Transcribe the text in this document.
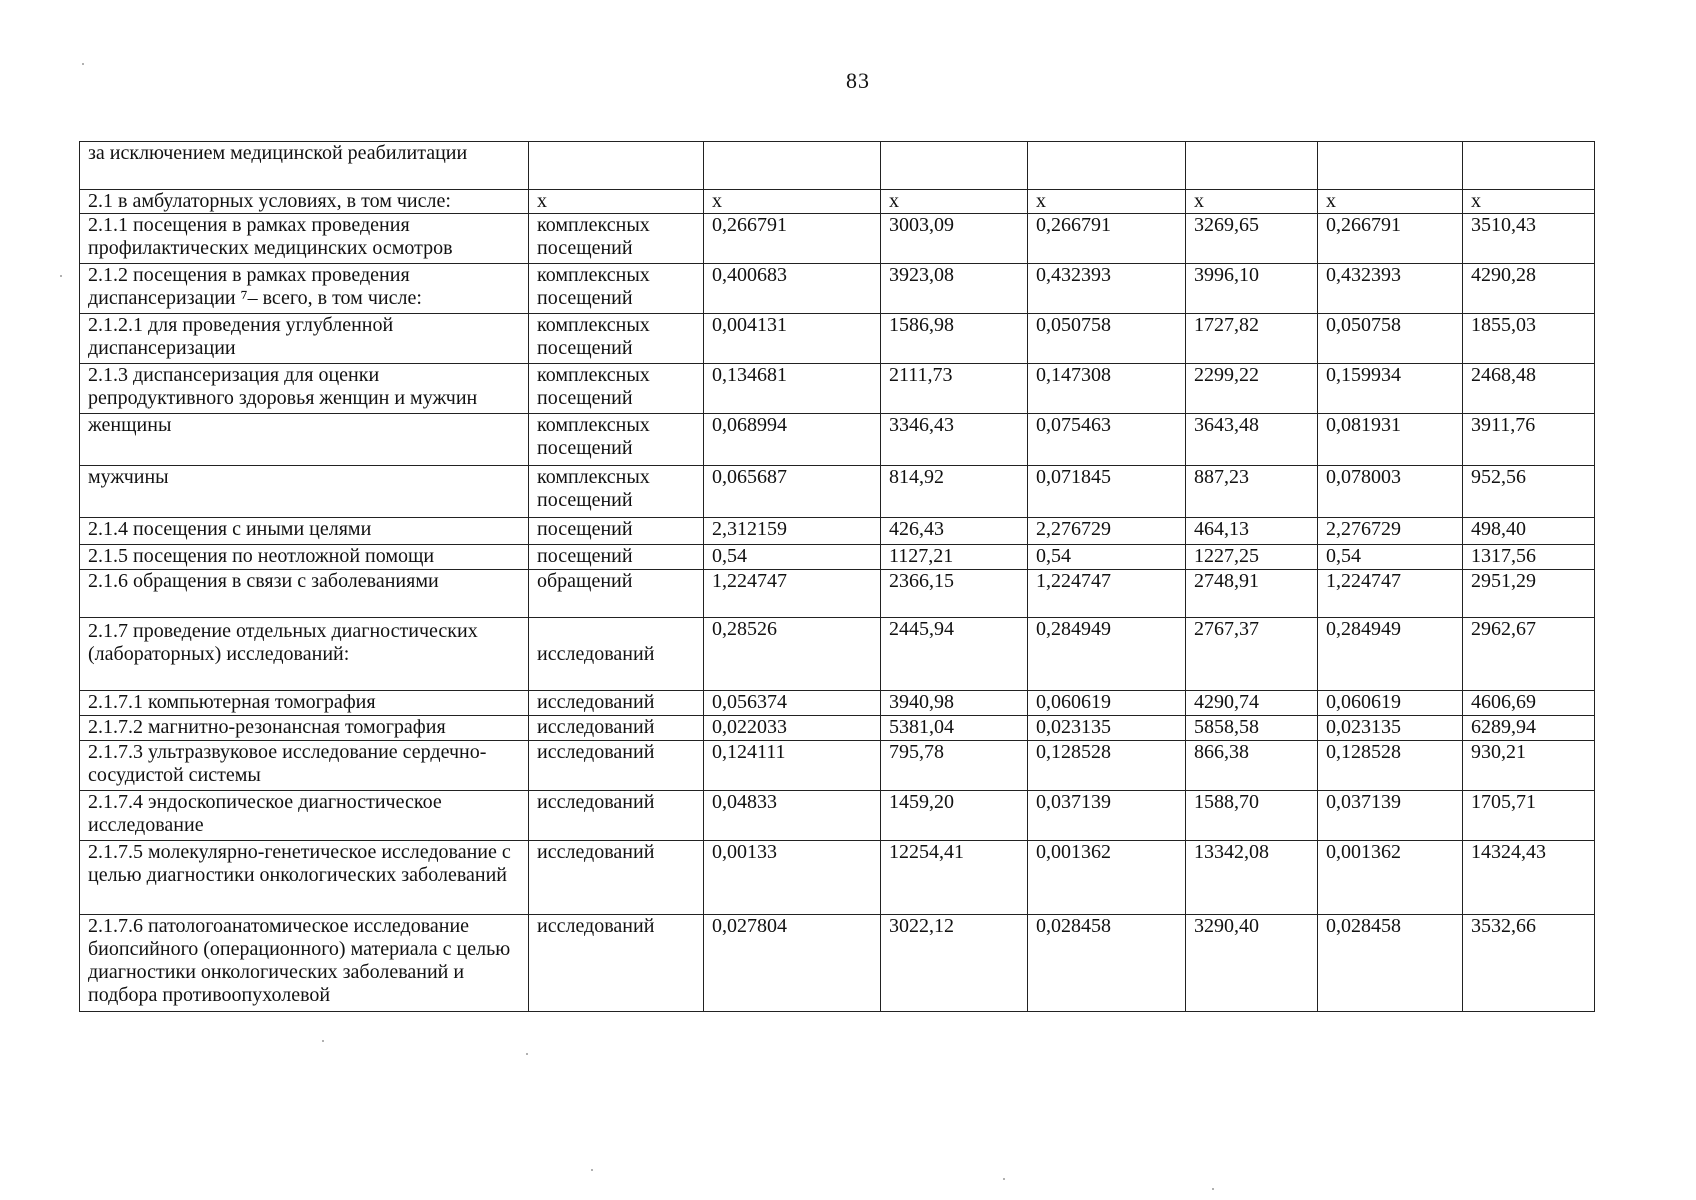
83
за исключением медицинской реабилитации							
2.1 в амбулаторных условиях, в том числе:	х	х	х	х	х	х	х
2.1.1 посещения в рамках проведения профилактических медицинских осмотров	комплексных посещений	0,266791	3003,09	0,266791	3269,65	0,266791	3510,43
2.1.2 посещения в рамках проведения диспансеризации ⁷– всего, в том числе:	комплексных посещений	0,400683	3923,08	0,432393	3996,10	0,432393	4290,28
2.1.2.1 для проведения углубленной диспансеризации	комплексных посещений	0,004131	1586,98	0,050758	1727,82	0,050758	1855,03
2.1.3 диспансеризация для оценки репродуктивного здоровья женщин и мужчин	комплексных посещений	0,134681	2111,73	0,147308	2299,22	0,159934	2468,48
женщины	комплексных посещений	0,068994	3346,43	0,075463	3643,48	0,081931	3911,76
мужчины	комплексных посещений	0,065687	814,92	0,071845	887,23	0,078003	952,56
2.1.4 посещения с иными целями	посещений	2,312159	426,43	2,276729	464,13	2,276729	498,40
2.1.5 посещения по неотложной помощи	посещений	0,54	1127,21	0,54	1227,25	0,54	1317,56
2.1.6 обращения в связи с заболеваниями	обращений	1,224747	2366,15	1,224747	2748,91	1,224747	2951,29
2.1.7 проведение отдельных диагностических (лабораторных) исследований:	исследований	0,28526	2445,94	0,284949	2767,37	0,284949	2962,67
2.1.7.1 компьютерная томография	исследований	0,056374	3940,98	0,060619	4290,74	0,060619	4606,69
2.1.7.2 магнитно-резонансная томография	исследований	0,022033	5381,04	0,023135	5858,58	0,023135	6289,94
2.1.7.3 ультразвуковое исследование сердечно-сосудистой системы	исследований	0,124111	795,78	0,128528	866,38	0,128528	930,21
2.1.7.4 эндоскопическое диагностическое исследование	исследований	0,04833	1459,20	0,037139	1588,70	0,037139	1705,71
2.1.7.5 молекулярно-генетическое исследование с целью диагностики онкологических заболеваний	исследований	0,00133	12254,41	0,001362	13342,08	0,001362	14324,43
2.1.7.6 патологоанатомическое исследование биопсийного (операционного) материала с целью диагностики онкологических заболеваний и подбора противоопухолевой	исследований	0,027804	3022,12	0,028458	3290,40	0,028458	3532,66
